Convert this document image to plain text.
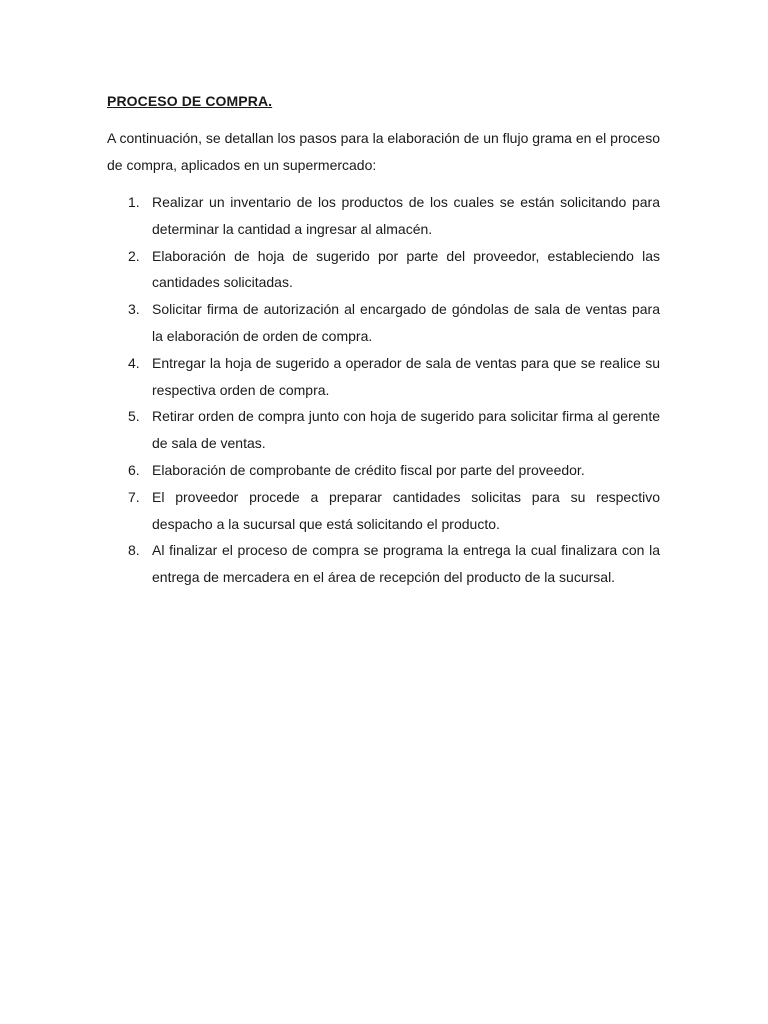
PROCESO DE COMPRA.

A continuación, se detallan los pasos para la elaboración de un flujo grama en el proceso de compra, aplicados en un supermercado:

1. Realizar un inventario de los productos de los cuales se están solicitando para determinar la cantidad a ingresar al almacén.
2. Elaboración de hoja de sugerido por parte del proveedor, estableciendo las cantidades solicitadas.
3. Solicitar firma de autorización al encargado de góndolas de sala de ventas para la elaboración de orden de compra.
4. Entregar la hoja de sugerido a operador de sala de ventas para que se realice su respectiva orden de compra.
5. Retirar orden de compra junto con hoja de sugerido para solicitar firma al gerente de sala de ventas.
6. Elaboración de comprobante de crédito fiscal por parte del proveedor.
7. El proveedor procede a preparar cantidades solicitas para su respectivo despacho a la sucursal que está solicitando el producto.
8. Al finalizar el proceso de compra se programa la entrega la cual finalizara con la entrega de mercadera en el área de recepción del producto de la sucursal.
